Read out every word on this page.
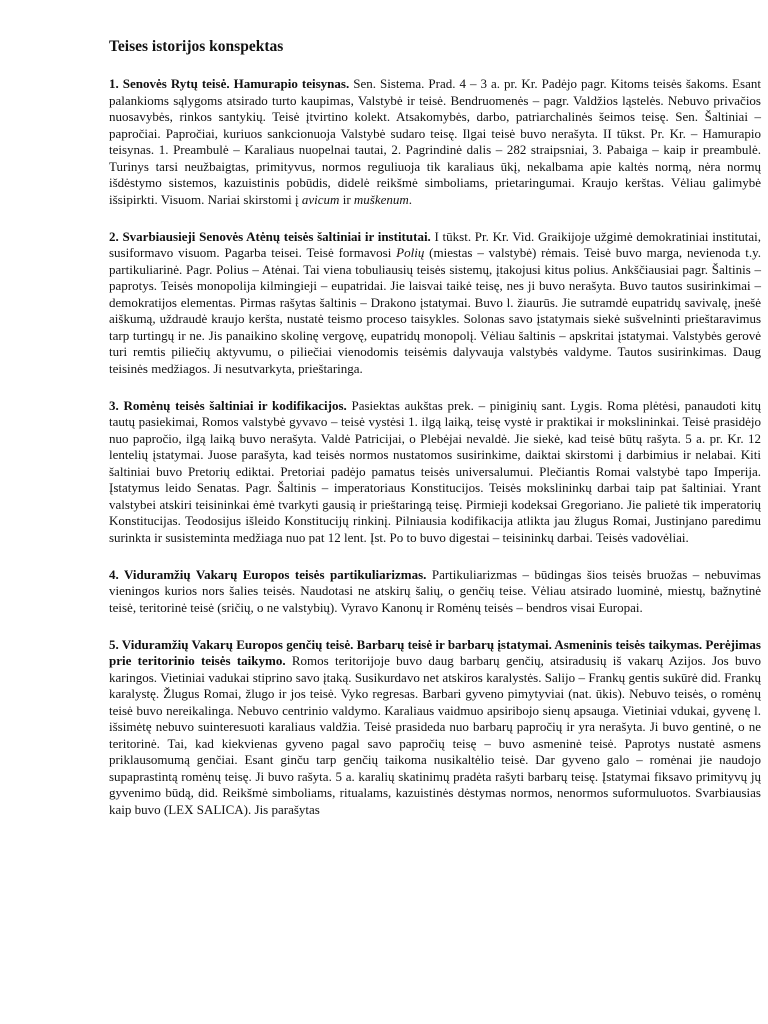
Teises istorijos konspektas

1. Senovės Rytų teisė. Hamurapio teisynas. Sen. Sistema. Prad. 4 – 3 a. pr. Kr. Padėjo pagr. Kitoms teisės šakoms. Esant palankioms sąlygoms atsirado turto kaupimas, Valstybė ir teisė. Bendruomenės – pagr. Valdžios ląstelės. Nebuvo privačios nuosavybės, rinkos santykių. Teisė įtvirtino kolekt. Atsakomybės, darbo, patriarchalinės šeimos teisę. Sen. Šaltiniai – papročiai. Papročiai, kuriuos sankcionuoja Valstybė sudaro teisę. Ilgai teisė buvo nerašyta. II tūkst. Pr. Kr. – Hamurapio teisynas. 1. Preambulė – Karaliaus nuopelnai tautai, 2. Pagrindinė dalis – 282 straipsniai, 3. Pabaiga – kaip ir preambulė. Turinys tarsi neužbaigtas, primityvus, normos reguliuoja tik karaliaus ūkį, nekalbama apie kaltės normą, nėra normų išdėstymo sistemos, kazuistinis pobūdis, didelė reikšmė simboliams, prietaringumai. Kraujo kerštas. Vėliau galimybė išsipirkti. Visuom. Nariai skirstomi į avicum ir muškenum.

2. Svarbiausieji Senovės Atėnų teisės šaltiniai ir institutai. I tūkst. Pr. Kr. Vid. Graikijoje užgimė demokratiniai institutai, susiformavo visuom. Pagarba teisei. Teisė formavosi Polių (miestas – valstybė) rėmais. Teisė buvo marga, nevienoda t.y. partikuliarinė. Pagr. Polius – Atėnai. Tai viena tobuliausių teisės sistemų, įtakojusi kitus polius. Ankščiausiai pagr. Šaltinis – paprotys. Teisės monopolija kilmingieji – eupatridai. Jie laisvai taikė teisę, nes ji buvo nerašyta. Buvo tautos susirinkimai – demokratijos elementas. Pirmas rašytas šaltinis – Drakono įstatymai. Buvo l. žiaurūs. Jie sutramdė eupatridų savivalę, įnešė aiškumą, uždraudė kraujo keršta, nustatė teismo proceso taisykles. Solonas savo įstatymais siekė sušvelninti prieštaravimus tarp turtingų ir ne. Jis panaikino skolinę vergovę, eupatridų monopolį. Vėliau šaltinis – apskritai įstatymai. Valstybės gerovė turi remtis piliečių aktyvumu, o piliečiai vienodomis teisėmis dalyvauja valstybės valdyme. Tautos susirinkimas. Daug teisinės medžiagos. Ji nesutvarkyta, prieštaringa.

3. Romėnų teisės šaltiniai ir kodifikacijos. Pasiektas aukštas prek. – piniginių sant. Lygis. Roma plėtėsi, panaudoti kitų tautų pasiekimai, Romos valstybė gyvavo – teisė vystėsi 1. ilgą laiką, teisę vystė ir praktikai ir mokslininkai. Teisė prasidėjo nuo papročio, ilgą laiką buvo nerašyta. Valdė Patricijai, o Plebėjai nevaldė. Jie siekė, kad teisė būtų rašyta. 5 a. pr. Kr. 12 lentelių įstatymai. Juose parašyta, kad teisės normos nustatomos susirinkime, daiktai skirstomi į darbimius ir nelabai. Kiti šaltiniai buvo Pretorių ediktai. Pretoriai padėjo pamatus teisės universalumui. Plečiantis Romai valstybė tapo Imperija. Įstatymus leido Senatas. Pagr. Šaltinis – imperatoriaus Konstitucijos. Teisės mokslininkų darbai taip pat šaltiniai. Yrant valstybei atskiri teisininkai ėmė tvarkyti gausią ir prieštaringą teisę. Pirmieji kodeksai Gregoriano. Jie palietė tik imperatorių Konstitucijas. Teodosijus išleido Konstitucijų rinkinį. Pilniausia kodifikacija atlikta jau žlugus Romai, Justinjano paredimu surinkta ir susisteminta medžiaga nuo pat 12 lent. Įst. Po to buvo digestai – teisininkų darbai. Teisės vadovėliai.

4. Viduramžių Vakarų Europos teisės partikuliarizmas. Partikuliarizmas – būdingas šios teisės bruožas – nebuvimas vieningos kurios nors šalies teisės. Naudotasi ne atskirų šalių, o genčių teise. Vėliau atsirado luominė, miestų, bažnytinė teisė, teritorinė teisė (sričių, o ne valstybių). Vyravo Kanonų ir Romėnų teisės – bendros visai Europai.

5. Viduramžių Vakarų Europos genčių teisė. Barbarų teisė ir barbarų įstatymai. Asmeninis teisės taikymas. Perėjimas prie teritorinio teisės taikymo. Romos teritorijoje buvo daug barbarų genčių, atsiradusių iš vakarų Azijos. Jos buvo karingos. Vietiniai vadukai stiprino savo įtaką. Susikurdavo net atskiros karalystės. Salijo – Frankų gentis sukūrė did. Frankų karalystę. Žlugus Romai, žlugo ir jos teisė. Vyko regresas. Barbari gyveno pimytyviai (nat. ūkis). Nebuvo teisės, o romėnų teisė buvo nereikalinga. Nebuvo centrinio valdymo. Karaliaus vaidmuo apsiribojo sienų apsauga. Vietiniai vdukai, gyvenę l. išsimėtę nebuvo suinteresuoti karaliaus valdžia. Teisė prasideda nuo barbarų papročių ir yra nerašyta. Ji buvo gentinė, o ne teritorinė. Tai, kad kiekvienas gyveno pagal savo papročių teisę – buvo asmeninė teisė. Paprotys nustatė asmens priklausomumą genčiai. Esant ginču tarp genčių taikoma nusikaltėlio teisė. Dar gyveno galo – romėnai jie naudojo supaprastintą romėnų teisę. Ji buvo rašyta. 5 a. karalių skatinimų pradėta rašyti barbarų teisę. Įstatymai fiksavo primityvų jų gyvenimo būdą, did. Reikšmė simboliams, ritualams, kazuistinės dėstymas normos, nenormos suformuluotos. Svarbiausias kaip buvo (LEX SALICA). Jis parašytas
